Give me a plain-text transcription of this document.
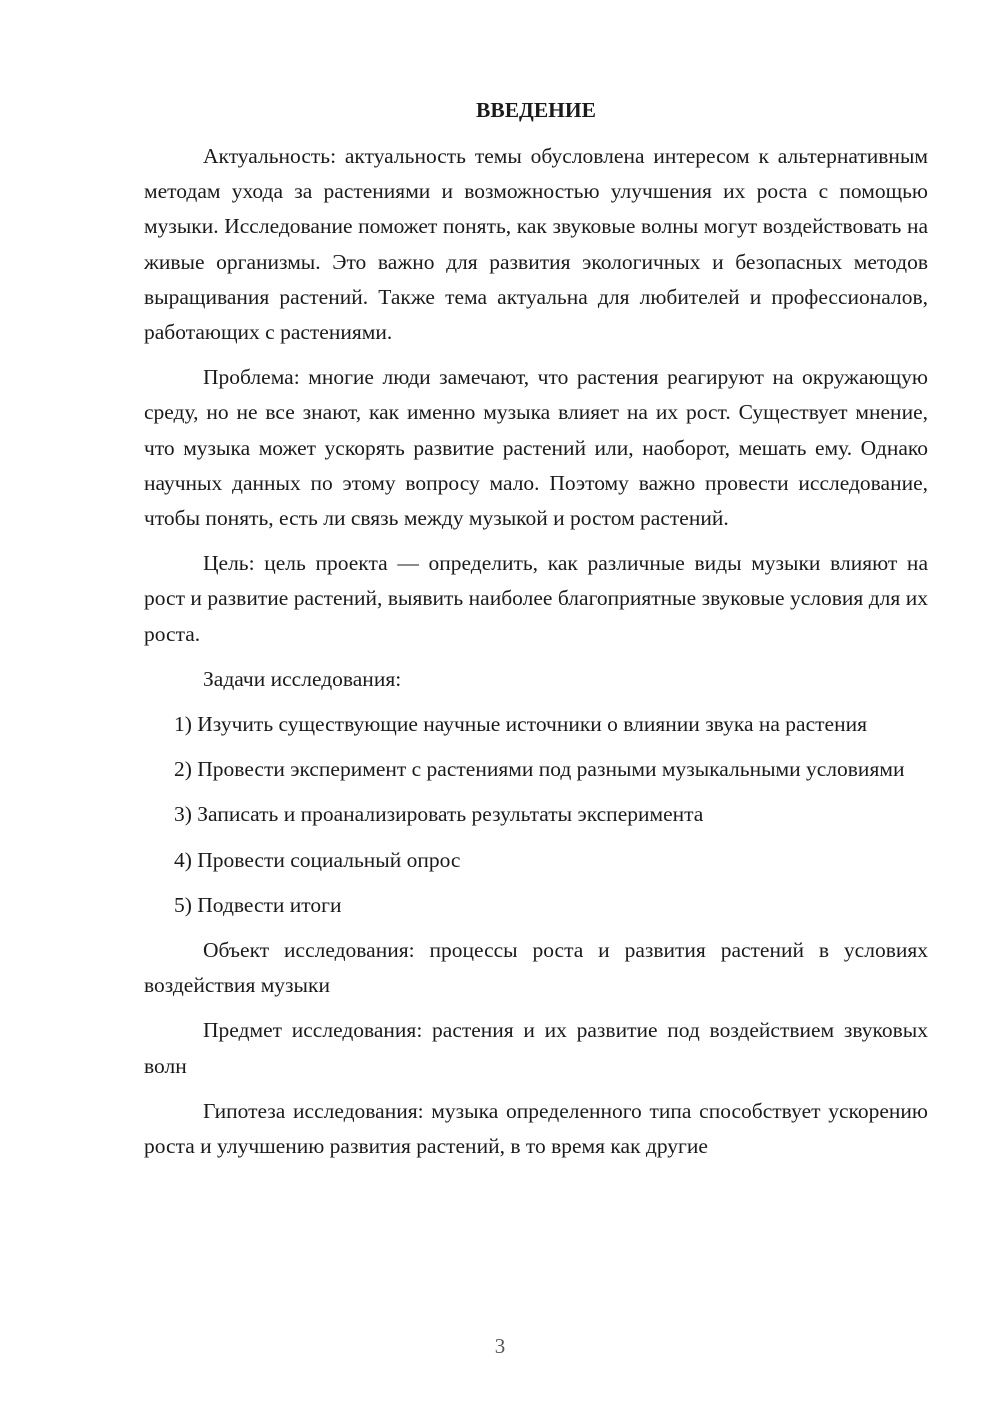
ВВЕДЕНИЕ

Актуальность: актуальность темы обусловлена интересом к альтернативным методам ухода за растениями и возможностью улучшения их роста с помощью музыки. Исследование поможет понять, как звуковые волны могут воздействовать на живые организмы. Это важно для развития экологичных и безопасных методов выращивания растений. Также тема актуальна для любителей и профессионалов, работающих с растениями.

Проблема: многие люди замечают, что растения реагируют на окружающую среду, но не все знают, как именно музыка влияет на их рост. Существует мнение, что музыка может ускорять развитие растений или, наоборот, мешать ему. Однако научных данных по этому вопросу мало. Поэтому важно провести исследование, чтобы понять, есть ли связь между музыкой и ростом растений.

Цель: цель проекта — определить, как различные виды музыки влияют на рост и развитие растений, выявить наиболее благоприятные звуковые условия для их роста.

Задачи исследования:

1) Изучить существующие научные источники о влиянии звука на растения

2) Провести эксперимент с растениями под разными музыкальными условиями

3) Записать и проанализировать результаты эксперимента

4) Провести социальный опрос

5) Подвести итоги

Объект исследования: процессы роста и развития растений в условиях воздействия музыки

Предмет исследования: растения и их развитие под воздействием звуковых волн

Гипотеза исследования: музыка определенного типа способствует ускорению роста и улучшению развития растений, в то время как другие

3
